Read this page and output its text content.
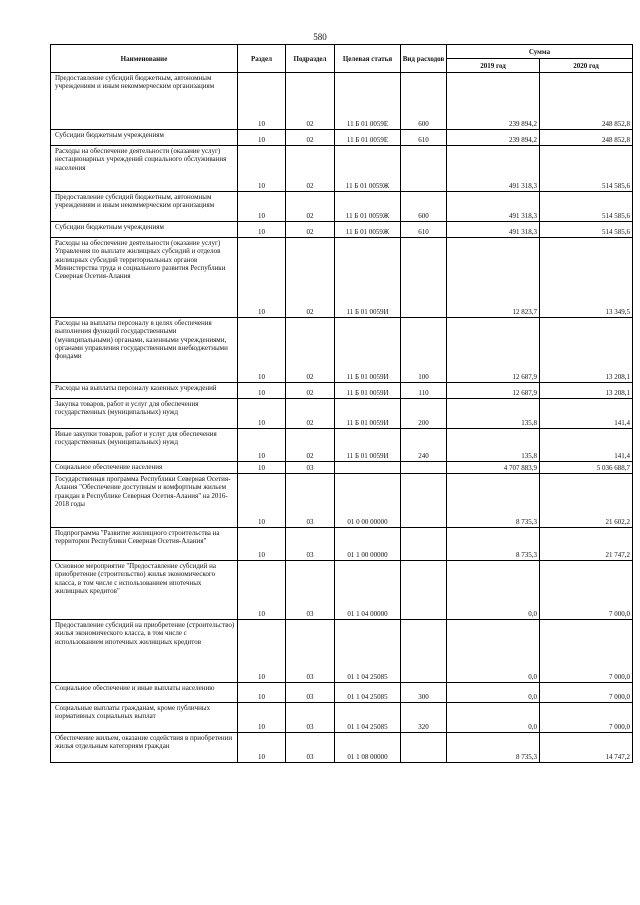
580
Наименование	Раздел	Подраздел	Целевая статья	Вид расходов	Сумма	
					2019 год	2020 год
Предоставление субсидий бюджетным, автономным учреждениям и иным некоммерческим организациям	10	02	11 Б 01 0059Е	600	239 894,2	248 852,8
Субсидии бюджетным учреждениям	10	02	11 Б 01 0059Е	610	239 894,2	248 852,8
Расходы на обеспечение деятельности (оказание услуг) нестационарных учреждений социального обслуживания населения	10	02	11 Б 01 0059Ж		491 318,3	514 585,6
Предоставление субсидий бюджетным, автономным учреждениям и иным некоммерческим организациям	10	02	11 Б 01 0059Ж	600	491 318,3	514 585,6
Субсидии бюджетным учреждениям	10	02	11 Б 01 0059Ж	610	491 318,3	514 585,6
Расходы на обеспечение деятельности (оказание услуг) Управления по выплате жилищных субсидий и отделов жилищных субсидий территориальных органов Министерства труда и социального развития Республики Северная Осетия-Алания	10	02	11 Б 01 0059И		12 823,7	13 349,5
Расходы на выплаты персоналу в целях обеспечения выполнения функций государственными (муниципальными) органами, казенными учреждениями, органами управления государственными внебюджетными фондами	10	02	11 Б 01 0059И	100	12 687,9	13 208,1
Расходы на выплаты персоналу казенных учреждений	10	02	11 Б 01 0059И	110	12 687,9	13 208,1
Закупка товаров, работ и услуг для обеспечения государственных (муниципальных) нужд	10	02	11 Б 01 0059И	200	135,8	141,4
Иные закупки товаров, работ и услуг для обеспечения государственных (муниципальных) нужд	10	02	11 Б 01 0059И	240	135,8	141,4
Социальное обеспечение населения	10	03			4 707 883,9	5 036 688,7
Государственная программа Республики Северная Осетия-Алания "Обеспечение доступным и комфортным жильем граждан в Республике Северная Осетия-Алания" на 2016-2018 годы	10	03	01 0 00 00000		8 735,3	21 602,2
Подпрограмма "Развитие жилищного строительства на территории Республики Северная Осетия-Алания"	10	03	01 1 00 00000		8 735,3	21 747,2
Основное мероприятие "Предоставление субсидий на приобретение (строительство) жилья экономического класса, в том числе с использованием ипотечных жилищных кредитов"	10	03	01 1 04 00000		0,0	7 000,0
Предоставление субсидий на приобретение (строительство) жилья экономического класса, в том числе с использованием ипотечных жилищных кредитов	10	03	01 1 04 25085		0,0	7 000,0
Социальное обеспечение и иные выплаты населению	10	03	01 1 04 25085	300	0,0	7 000,0
Социальные выплаты гражданам, кроме публичных нормативных социальных выплат	10	03	01 1 04 25085	320	0,0	7 000,0
Обеспечение жильем, оказание содействия в приобретении жилья отдельным категориям граждан	10	03	01 1 08 00000		8 735,3	14 747,2
